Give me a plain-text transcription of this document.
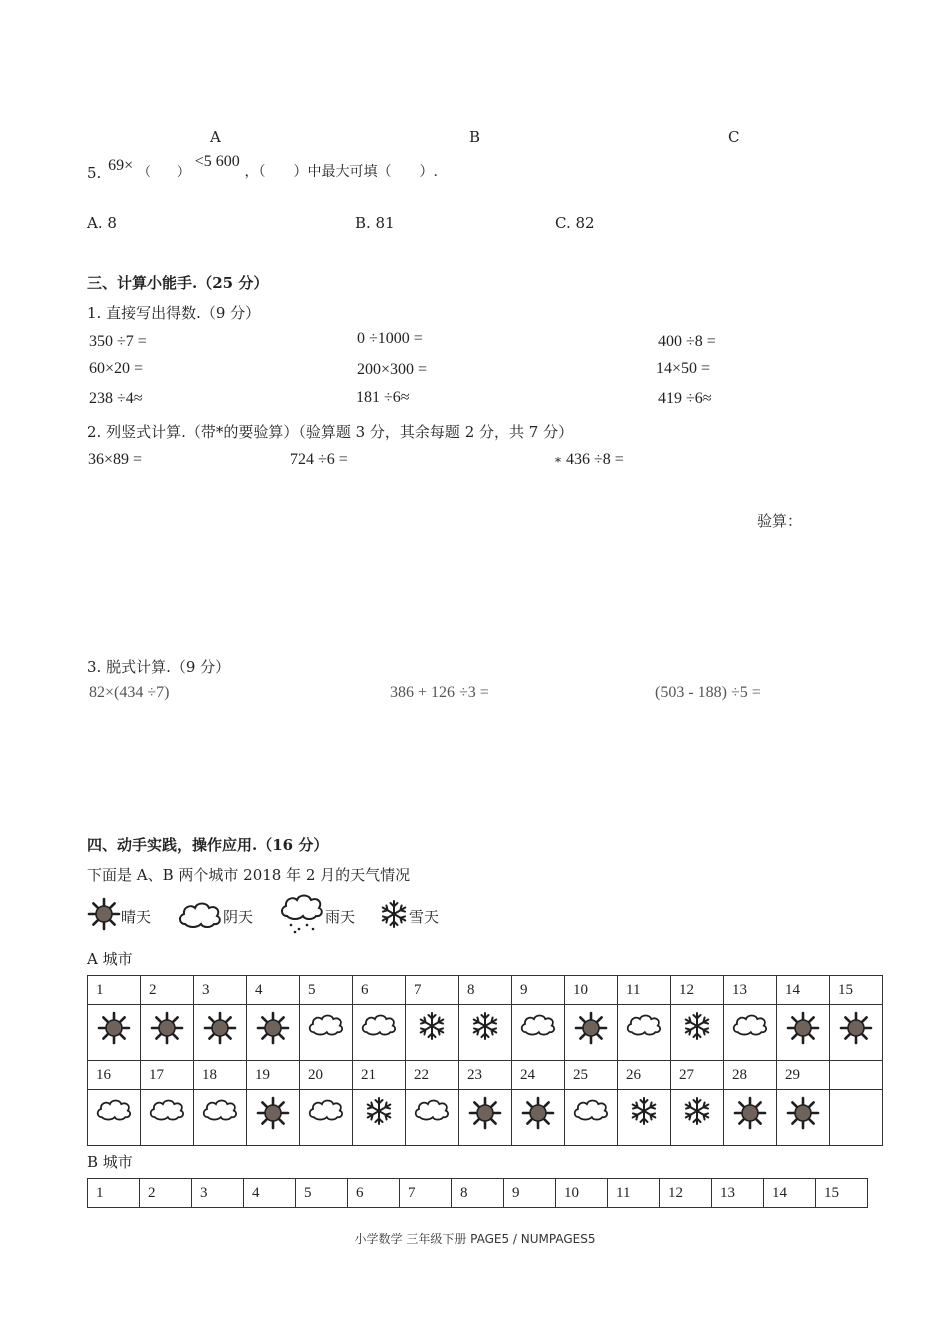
A	B	C
5. 69× （　　） <5 600 ，（　　）中最大可填（　　）.
A. 8	B. 81	C. 82
三、计算小能手.（25 分）
1. 直接写出得数.（9 分）
350 ÷7 =	0 ÷1000 =	400 ÷8 =
60×20 =	200×300 =	14×50 =
238 ÷4≈	181 ÷6≈	419 ÷6≈
2. 列竖式计算.（带*的要验算）（验算题 3 分，其余每题 2 分，共 7 分）
36×89 =	724 ÷6 =	* 436 ÷8 =
验算：
3. 脱式计算.（9 分）
82×(434 ÷7)	386 + 126 ÷3 =	(503 - 188) ÷5 =
四、动手实践，操作应用.（16 分）
下面是 A、B 两个城市 2018 年 2 月的天气情况
晴天	阴天	雨天	雪天
A 城市
1	2	3	4	5	6	7	8	9	10	11	12	13	14	15

16	17	18	19	20	21	22	23	24	25	26	27	28	29	

B 城市
1	2	3	4	5	6	7	8	9	10	11	12	13	14	15
小学数学 三年级下册 PAGE5 / NUMPAGES5
